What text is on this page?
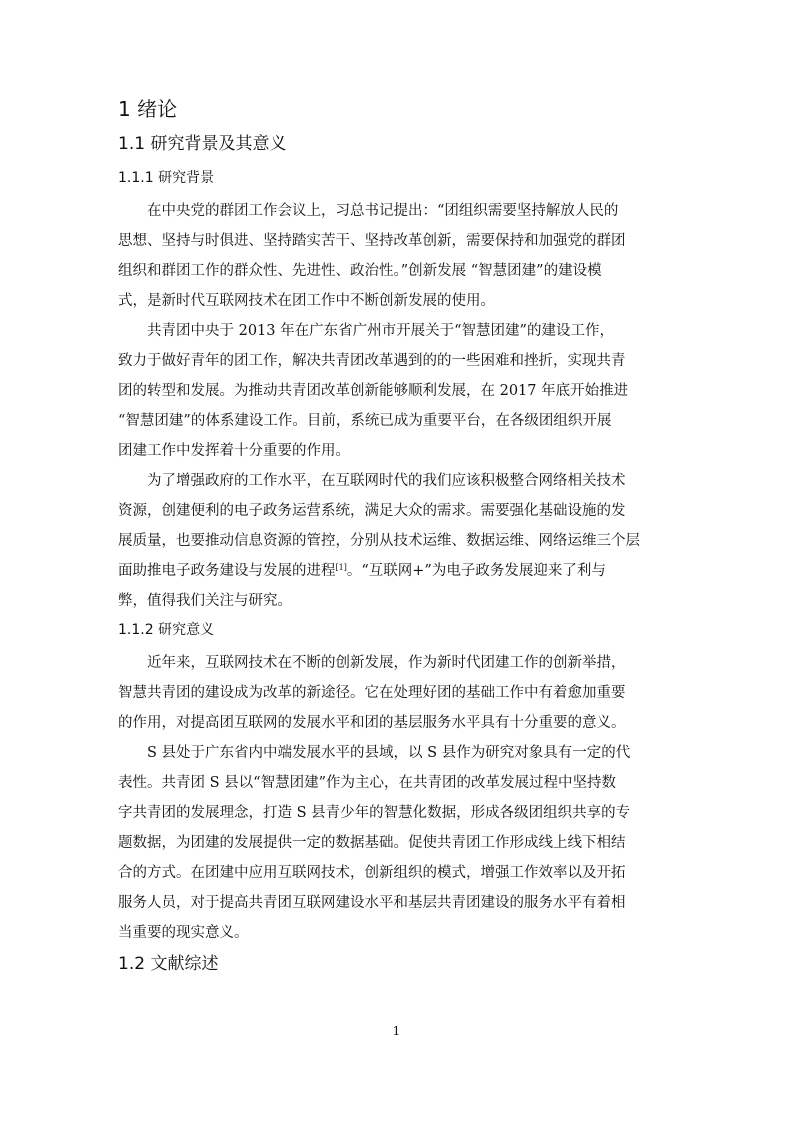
1 绪论
1.1 研究背景及其意义
1.1.1 研究背景
在中央党的群团工作会议上，习总书记提出：“团组织需要坚持解放人民的
思想、坚持与时俱进、坚持踏实苦干、坚持改革创新，需要保持和加强党的群团
组织和群团工作的群众性、先进性、政治性。”创新发展 “智慧团建”的建设模
式，是新时代互联网技术在团工作中不断创新发展的使用。
共青团中央于 2013 年在广东省广州市开展关于“智慧团建”的建设工作，
致力于做好青年的团工作，解决共青团改革遇到的的一些困难和挫折，实现共青
团的转型和发展。为推动共青团改革创新能够顺利发展，在 2017 年底开始推进
“智慧团建”的体系建设工作。目前，系统已成为重要平台，在各级团组织开展
团建工作中发挥着十分重要的作用。
为了增强政府的工作水平，在互联网时代的我们应该积极整合网络相关技术
资源，创建便利的电子政务运营系统，满足大众的需求。需要强化基础设施的发
展质量，也要推动信息资源的管控，分别从技术运维、数据运维、网络运维三个层
面助推电子政务建设与发展的进程[1]。“互联网+”为电子政务发展迎来了利与
弊，值得我们关注与研究。
1.1.2 研究意义
近年来，互联网技术在不断的创新发展，作为新时代团建工作的创新举措，
智慧共青团的建设成为改革的新途径。它在处理好团的基础工作中有着愈加重要
的作用，对提高团互联网的发展水平和团的基层服务水平具有十分重要的意义。
S 县处于广东省内中端发展水平的县域，以 S 县作为研究对象具有一定的代
表性。共青团 S 县以“智慧团建”作为主心，在共青团的改革发展过程中坚持数
字共青团的发展理念，打造 S 县青少年的智慧化数据，形成各级团组织共享的专
题数据，为团建的发展提供一定的数据基础。促使共青团工作形成线上线下相结
合的方式。在团建中应用互联网技术，创新组织的模式，增强工作效率以及开拓
服务人员，对于提高共青团互联网建设水平和基层共青团建设的服务水平有着相
当重要的现实意义。
1.2 文献综述
1
